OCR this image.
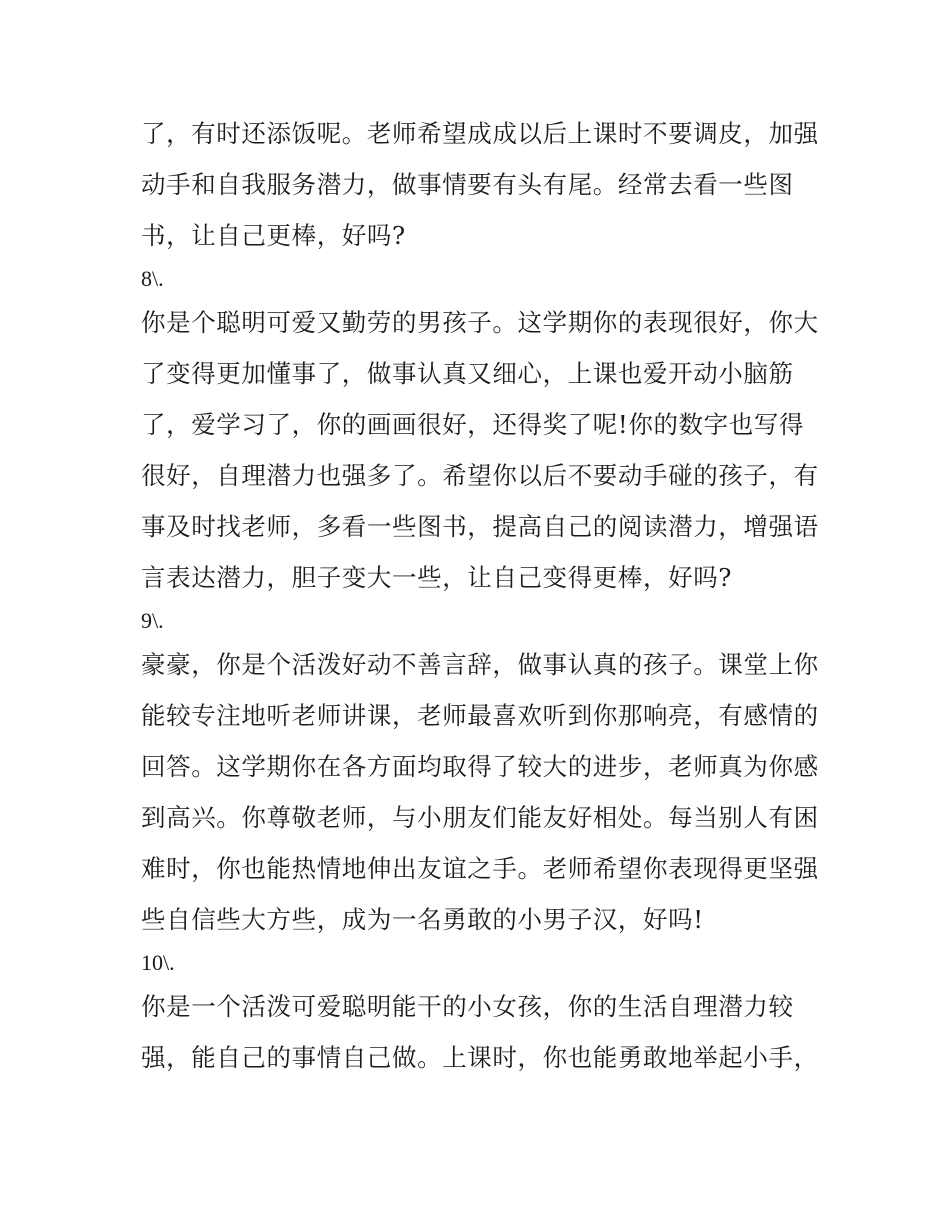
了，有时还添饭呢。老师希望成成以后上课时不要调皮，加强
动手和自我服务潜力，做事情要有头有尾。经常去看一些图
书，让自己更棒，好吗?
8\.
你是个聪明可爱又勤劳的男孩子。这学期你的表现很好，你大
了变得更加懂事了，做事认真又细心，上课也爱开动小脑筋
了，爱学习了，你的画画很好，还得奖了呢!你的数字也写得
很好，自理潜力也强多了。希望你以后不要动手碰的孩子，有
事及时找老师，多看一些图书，提高自己的阅读潜力，增强语
言表达潜力，胆子变大一些，让自己变得更棒，好吗?
9\.
豪豪，你是个活泼好动不善言辞，做事认真的孩子。课堂上你
能较专注地听老师讲课，老师最喜欢听到你那响亮，有感情的
回答。这学期你在各方面均取得了较大的进步，老师真为你感
到高兴。你尊敬老师，与小朋友们能友好相处。每当别人有困
难时，你也能热情地伸出友谊之手。老师希望你表现得更坚强
些自信些大方些，成为一名勇敢的小男子汉，好吗!
10\.
你是一个活泼可爱聪明能干的小女孩，你的生活自理潜力较
强，能自己的事情自己做。上课时，你也能勇敢地举起小手，
